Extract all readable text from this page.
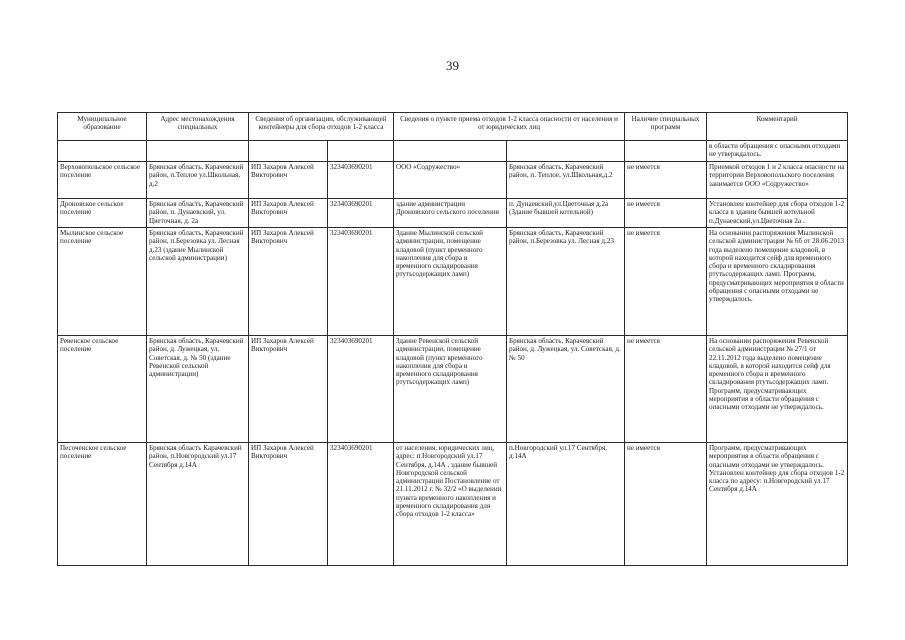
39
Муниципальное образование	Адрес местонахождения специальных	Сведения об организации, обслуживающей контейнеры для сбора отходов 1-2 класса		Сведения о пункте приема отходов 1-2 класса опасности от населения и от юридических лиц		Наличие специальных программ	Комментарий
							в области обращения с опасными отходами не утверждалось.
Верховопольское сельское поселение	Брянская область, Карачевский район, п.Теплое ул.Школьная, д.2	ИП Захаров Алексей Викторович	323403690201	ООО «Содружество»	Брянская область, Карачевский район, п. Теплое, ул.Школьная,д.2	не имеется	Приемкой отходов 1 и 2 класса опасности на территории Верховопольского поселения занимается ООО «Содружество»
Дроновское сельское поселение	Брянская область, Карачевский район, п. Дунаевский, ул. Цветочная, д. 2а	ИП Захаров Алексей Викторович	323403690201	здание администрации Дроновского сельского поселения	п. Дунаевский,ул.Цветочная д.2а (Здание бывшей котельной)	не имеется	Установлен контейнер для сбора отходов 1-2 класса в здании бывшей котельной п.Дунаевский,ул.Цветочная 2а .
Мылинское сельское поселение	Брянская область, Карачевский район, п.Березовка ул. Лесная д.23 (здание Мылинской сельской администрации)	ИП Захаров Алексей Викторович	323403690201	Здание Мылинской сельской администрации, помещение кладовой (пункт временного накопления для сбора и временного складирования ртутьсодержащих ламп)	Брянская область, Карачевский район, п.Березовка ул. Лесная д.23	не имеется	На основании распоряжения Мылинской сельской администрации № 6б от 28.06.2013 года выделено помещение кладовой, в которой находится сейф для временного сбора и временного складирования ртутьсодержащих ламп. Программ, предусматривающих мероприятия в области обращения с опасными отходами не утверждалось.
Ревенское сельское поселение	Брянская область, Карачевский район, д. Лужецкая, ул. Советская, д. № 50 (здание Ревенской сельской администрации)	ИП Захаров Алексей Викторович	323403690201	Здание Ревенской сельской администрации, помещение кладовой (пункт временного накопления для сбора и временного складирования ртутьсодержащих ламп)	Брянская область, Карачевский район, д. Лужецкая, ул. Советская, д. № 50	не имеется	На основании распоряжения Ревенской сельской администрации № 27/1 от 22.11.2012 года выделено помещение кладовой, в которой находится сейф для временного сбора и временного складирования ртутьсодержащих ламп. Программ, предусматривающих мероприятия в области обращения с опасными отходами не утверждалось.
Песоченское сельское поселение	Брянская область Карачевский район, п.Новгородский ул.17 Сентября д.14А	ИП Захаров Алексей Викторович	323403690201	от населения, юридических лиц, адрес: п.Новгородский ул.17 Сентября, д.14А , здание бывшей Новгородской сельской администрации Постановление от 21.11.2012 г. № 32/2 «О выделении пункта временного накопления и временного складирования для сбора отходов 1-2 класса»	п.Новгородский ул.17 Сентября, д.14А	не имеется	Программ, предусматривающих мероприятия в области обращения с опасными отходами не утверждалось. Установлен контейнер для сбора отходов 1-2 класса по адресу: п.Новгородский ул.17 Сентября д.14А
